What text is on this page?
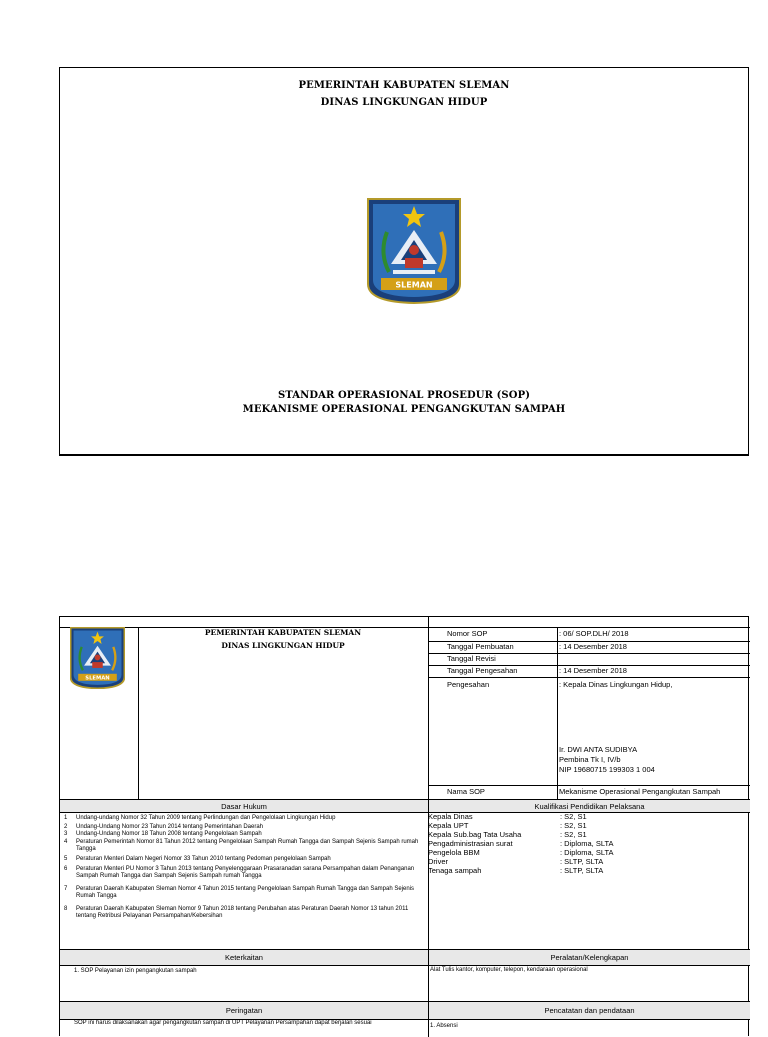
PEMERINTAH KABUPATEN SLEMAN
DINAS LINGKUNGAN HIDUP
SLEMAN
STANDAR OPERASIONAL PROSEDUR (SOP)
MEKANISME OPERASIONAL PENGANGKUTAN SAMPAH
SLEMAN
PEMERINTAH KABUPATEN SLEMAN
DINAS LINGKUNGAN HIDUP
Nomor SOP	: 06/ SOP.DLH/ 2018
Tanggal Pembuatan	: 14 Desember 2018
Tanggal Revisi
Tanggal Pengesahan	: 14 Desember 2018
Pengesahan	: Kepala Dinas Lingkungan Hidup,
Ir. DWI ANTA SUDIBYA
Pembina Tk I, IV/b
NIP 19680715 199303 1 004
Nama SOP	Mekanisme Operasional Pengangkutan Sampah
Dasar Hukum	Kualifikasi Pendidikan Pelaksana
1 Undang-undang Nomor 32 Tahun 2009 tentang Perlindungan dan Pengelolaan Lingkungan Hidup
2 Undang-Undang Nomor 23 Tahun 2014 tentang Pemerintahan Daerah
3 Undang-Undang Nomor 18 Tahun 2008 tentang Pengelolaan Sampah
4 Peraturan Pemerintah Nomor 81 Tahun 2012 tentang Pengelolaan Sampah Rumah Tangga dan Sampah Sejenis Sampah rumah Tangga
5 Peraturan Menteri Dalam Negeri Nomor 33 Tahun 2010 tentang Pedoman pengelolaan Sampah
6 Peraturan Menteri PU Nomor 3 Tahun 2013 tentang Penyelenggaraan Prasaranadan sarana Persampahan dalam Penanganan Sampah Rumah Tangga dan Sampah Sejenis Sampah rumah Tangga
7 Peraturan Daerah Kabupaten Sleman Nomor 4 Tahun 2015 tentang Pengelolaan Sampah Rumah Tangga dan Sampah Sejenis Rumah Tangga
8 Peraturan Daerah Kabupaten Sleman Nomor 9 Tahun 2018 tentang Perubahan atas Peraturan Daerah Nomor 13 tahun 2011 tentang Retribusi Pelayanan Persampahan/Kebersihan
Kepala Dinas	: S2, S1
Kepala UPT	: S2, S1
Kepala Sub.bag Tata Usaha	: S2, S1
Pengadministrasian surat	: Diploma, SLTA
Pengelola BBM	: Diploma, SLTA
Driver	: SLTP, SLTA
Tenaga sampah	: SLTP, SLTA
Keterkaitan	Peralatan/Kelengkapan
1. SOP Pelayanan izin pengangkutan sampah	Alat Tulis kantor, komputer, telepon, kendaraan operasional
Peringatan	Pencatatan dan pendataan
SOP ini harus dilaksanakan agar pengangkutan sampah di UPT Pelayanan Persampahan dapat berjalan sesuai	1. Absensi
